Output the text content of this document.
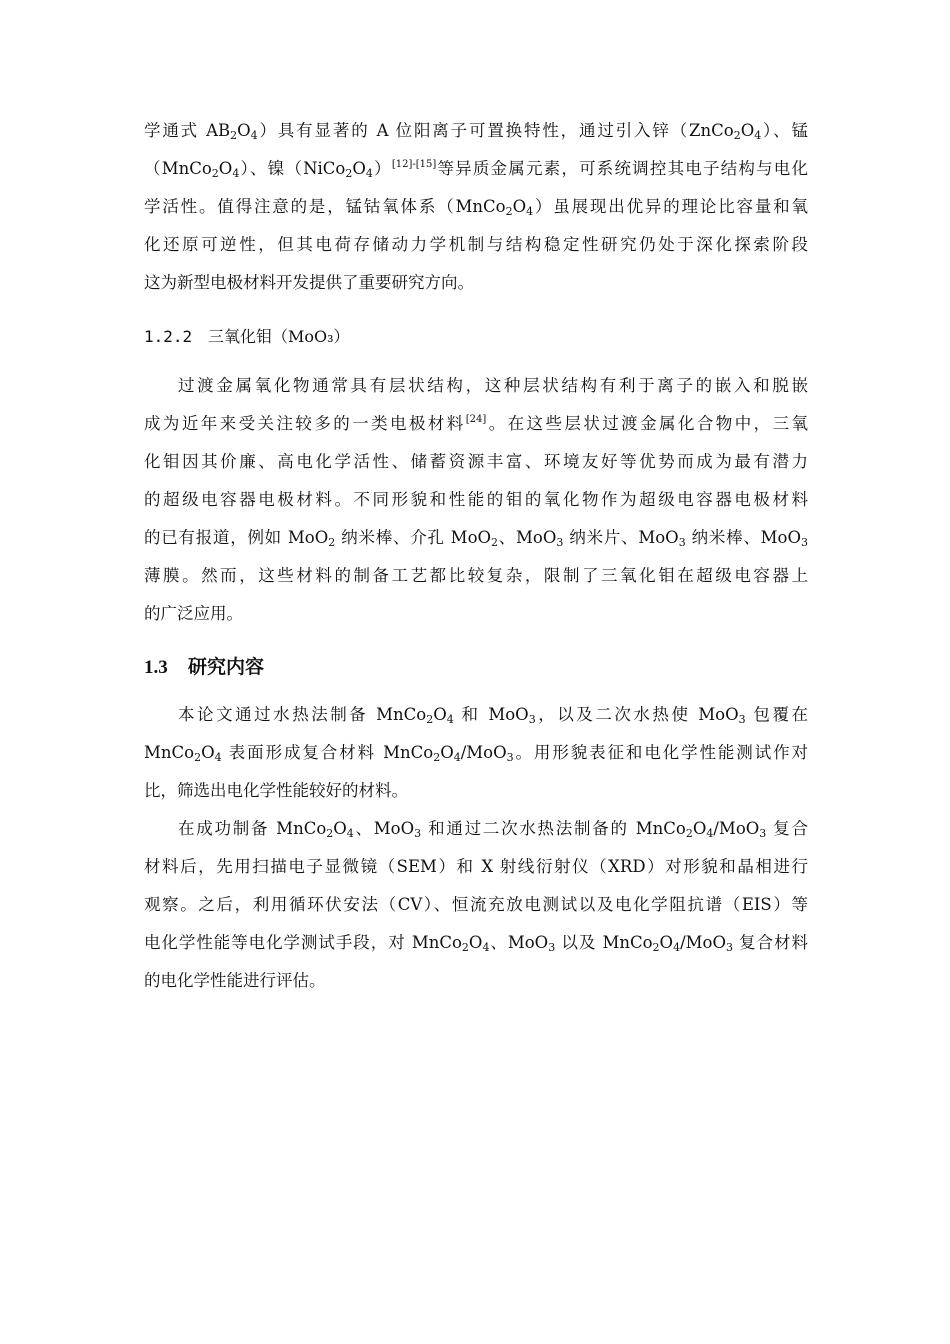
学通式 $AB_2O_4$）具有显著的 A 位阳离子可置换特性，通过引入锌$(ZnCo_2O_4)$、锰
$(MnCo_2O_4)$、镍$(NiCo_2O_4)[12]-[15]$等异质金属元素，可系统调控其电子结构与电化
学活性。值得注意的是，锰钴氧体系$(MnCo_2O_4)$虽展现出优异的理论比容量和氧
化还原可逆性，但其电荷存储动力学机制与结构稳定性研究仍处于深化探索阶段
这为新型电极材料开发提供了重要研究方向。
1.2.2 三氧化钼（MoO₃）
过渡金属氧化物通常具有层状结构，这种层状结构有利于离子的嵌入和脱嵌
成为近年来受关注较多的一类电极材料[24]。在这些层状过渡金属化合物中，三氧
化钼因其价廉、高电化学活性、储蓄资源丰富、环境友好等优势而成为最有潜力
的超级电容器电极材料。不同形貌和性能的钼的氧化物作为超级电容器电极材料
的已有报道，例如 MoO$_2$ 纳米棒、介孔 MoO$_2$、MoO$_3$ 纳米片、MoO$_3$ 纳米棒、MoO$_3$
薄膜。然而，这些材料的制备工艺都比较复杂，限制了三氧化钼在超级电容器上
的广泛应用。
1.3 研究内容
本论文通过水热法制备 $MnCo_2O_4$ 和 MoO$_3$，以及二次水热使 MoO$_3$ 包覆在
$MnCo_2O_4$ 表面形成复合材料 $MnCo_2O_4/MoO_3$。用形貌表征和电化学性能测试作对
比，筛选出电化学性能较好的材料。
在成功制备 $MnCo_2O_4$、MoO$_3$ 和通过二次水热法制备的 $MnCo_2O_4/MoO_3$ 复合
材料后，先用扫描电子显微镜（SEM）和 X 射线衍射仪（XRD）对形貌和晶相进行
观察。之后，利用循环伏安法（CV）、恒流充放电测试以及电化学阻抗谱（EIS）等
电化学性能等电化学测试手段，对 $MnCo_2O_4$、MoO$_3$ 以及 $MnCo_2O_4/MoO_3$ 复合材料
的电化学性能进行评估。
